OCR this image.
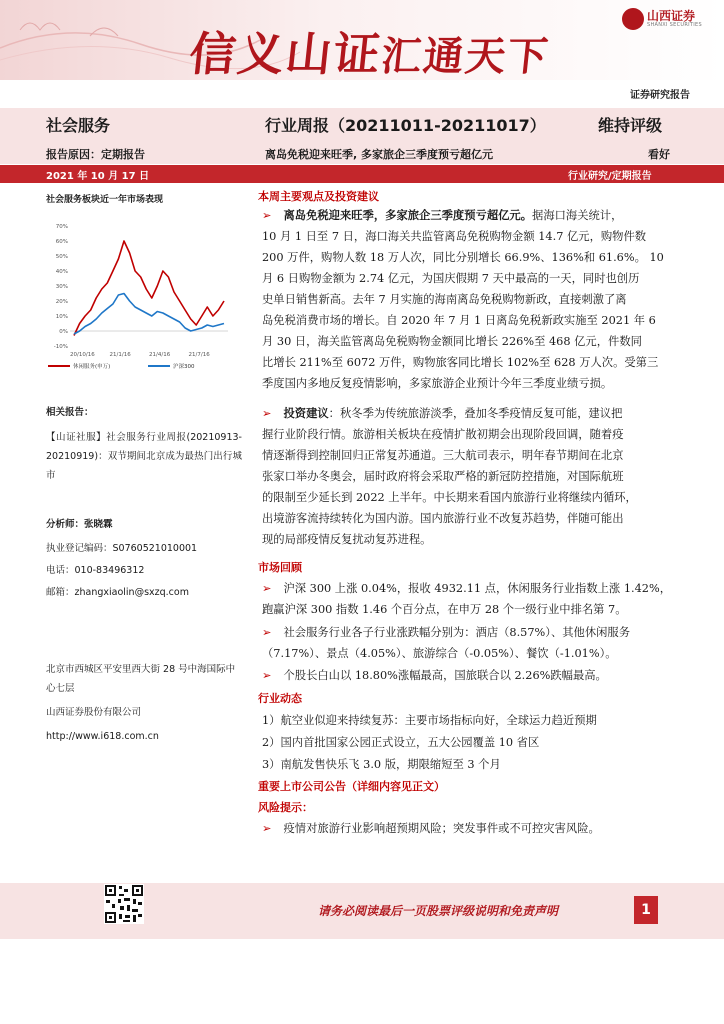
信义山证汇通天下
山西证券
SHANXI SECURITIES
证券研究报告
社会服务	行业周报（20211011-20211017）	维持评级
报告原因：定期报告	离岛免税迎来旺季, 多家旅企三季度预亏超亿元	看好
2021 年 10 月 17 日	行业研究/定期报告
社会服务板块近一年市场表现
70%
60%
50%
40%
30%
20%
10%
0%
-10%
20/10/16	21/1/16	21/4/16	21/7/16
休闲服务(申万)	沪深300
相关报告：
【山证社服】社会服务行业周报(20210913-20210919)：双节期间北京成为最热门出行城市
分析师：张晓霖
执业登记编码：S0760521010001
电话：010-83496312
邮箱：zhangxiaolin@sxzq.com
北京市西城区平安里西大街 28 号中海国际中心七层
山西证券股份有限公司
http://www.i618.com.cn
本周主要观点及投资建议
➢ 离岛免税迎来旺季，多家旅企三季度预亏超亿元。据海口海关统计，
10 月 1 日至 7 日，海口海关共监管离岛免税购物金额 14.7 亿元，购物件数
200 万件，购物人数 18 万人次，同比分别增长 66.9%、136%和 61.6%。 10
月 6 日购物金额为 2.74 亿元，为国庆假期 7 天中最高的一天，同时也创历
史单日销售新高。去年 7 月实施的海南离岛免税购物新政，直接刺激了离
岛免税消费市场的增长。自 2020 年 7 月 1 日离岛免税新政实施至 2021 年 6
月 30 日，海关监管离岛免税购物金额同比增长 226%至 468 亿元，件数同
比增长 211%至 6072 万件，购物旅客同比增长 102%至 628 万人次。受第三
季度国内多地反复疫情影响，多家旅游企业预计今年三季度业绩亏损。
➢ 投资建议：秋冬季为传统旅游淡季，叠加冬季疫情反复可能，建议把
握行业阶段行情。旅游相关板块在疫情扩散初期会出现阶段回调，随着疫
情逐渐得到控制回归正常复苏通道。三大航司表示，明年春节期间在北京
张家口举办冬奥会，届时政府将会采取严格的新冠防控措施，对国际航班
的限制至少延长到 2022 上半年。中长期来看国内旅游行业将继续内循环，
出境游客流持续转化为国内游。国内旅游行业不改复苏趋势，伴随可能出
现的局部疫情反复扰动复苏进程。
市场回顾
➢ 沪深 300 上涨 0.04%，报收 4932.11 点，休闲服务行业指数上涨 1.42%，
跑赢沪深 300 指数 1.46 个百分点，在申万 28 个一级行业中排名第 7。
➢ 社会服务行业各子行业涨跌幅分别为：酒店（8.57%）、其他休闲服务
（7.17%）、景点（4.05%）、旅游综合（-0.05%）、餐饮（-1.01%）。
➢ 个股长白山以 18.80%涨幅最高，国旅联合以 2.26%跌幅最高。
行业动态
1）航空业似迎来持续复苏：主要市场指标向好，全球运力趋近预期
2）国内首批国家公园正式设立，五大公园覆盖 10 省区
3）南航发售快乐飞 3.0 版，期限缩短至 3 个月
重要上市公司公告（详细内容见正文）
风险提示：
➢ 疫情对旅游行业影响超预期风险；突发事件或不可控灾害风险。
请务必阅读最后一页股票评级说明和免责声明	1
